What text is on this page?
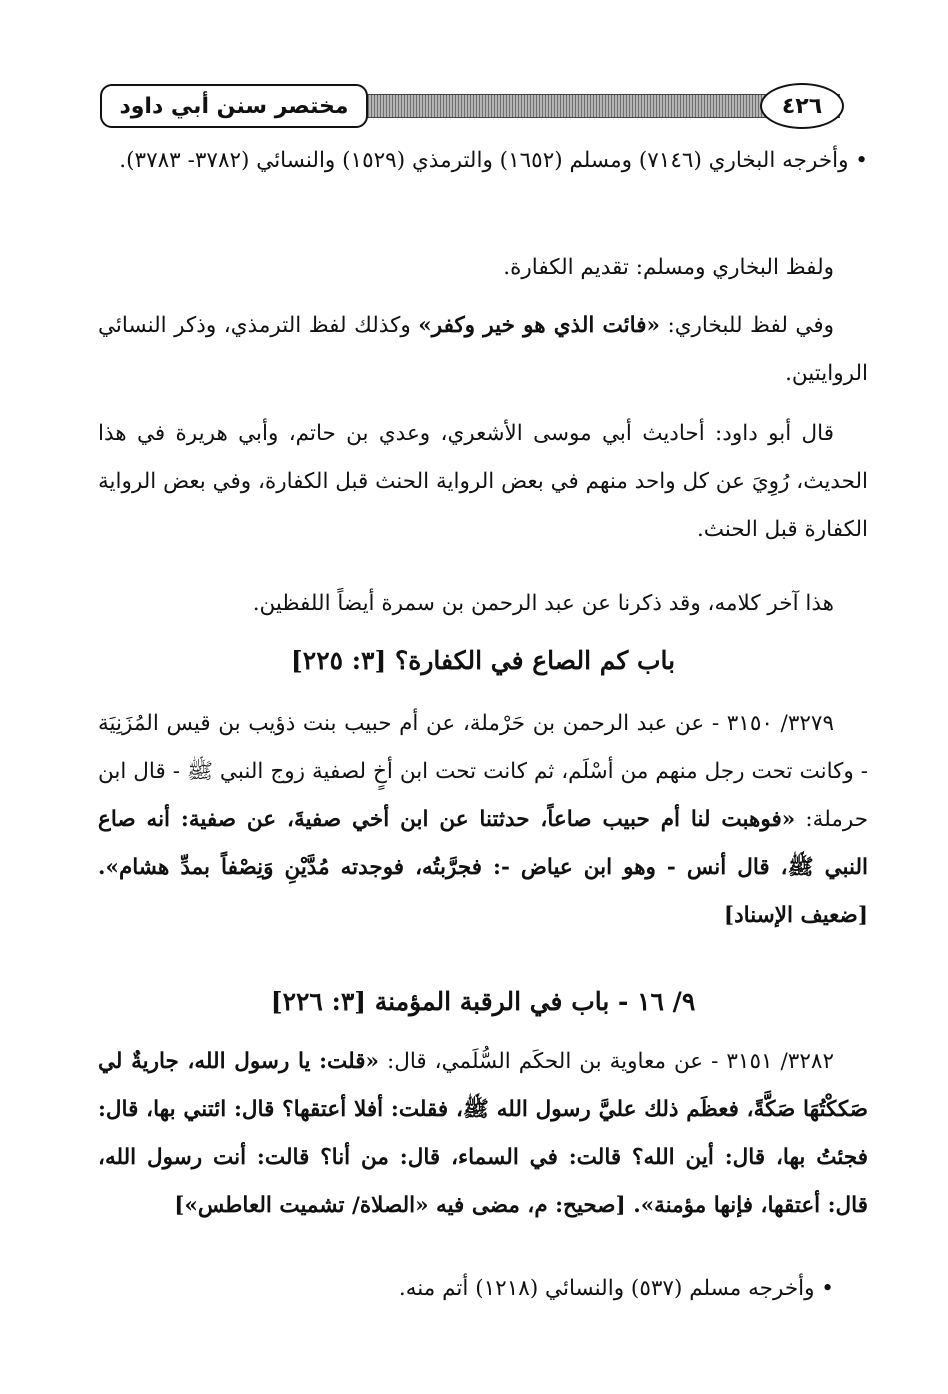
مختصر سنن أبي داود	٤٢٦
• وأخرجه البخاري (٧١٤٦) ومسلم (١٦٥٢) والترمذي (١٥٢٩) والنسائي (٣٧٨٢- ٣٧٨٣).
ولفظ البخاري ومسلم: تقديم الكفارة.
وفي لفظ للبخاري: «فائت الذي هو خير وكفر» وكذلك لفظ الترمذي، وذكر النسائي الروايتين.
قال أبو داود: أحاديث أبي موسى الأشعري، وعدي بن حاتم، وأبي هريرة في هذا الحديث، رُوِيَ عن كل واحد منهم في بعض الرواية الحنث قبل الكفارة، وفي بعض الرواية الكفارة قبل الحنث.
هذا آخر كلامه، وقد ذكرنا عن عبد الرحمن بن سمرة أيضاً اللفظين.
باب كم الصاع في الكفارة؟ [٣: ٢٢٥]
٣٢٧٩/ ٣١٥٠ - عن عبد الرحمن بن حَرْملة، عن أم حبيب بنت ذؤيب بن قيس المُزَنِيَة - وكانت تحت رجل منهم من أسْلَم، ثم كانت تحت ابن أخٍ لصفية زوج النبي ﷺ - قال ابن حرملة: «فوهبت لنا أم حبيب صاعاً، حدثتنا عن ابن أخي صفيةَ، عن صفية: أنه صاع النبي ﷺ، قال أنس - وهو ابن عياض -: فجرَّبتُه، فوجدته مُدَّيْنِ وَنِصْفاً بمدِّ هشام». [ضعيف الإسناد]
٩/ ١٦ - باب في الرقبة المؤمنة [٣: ٢٢٦]
٣٢٨٢/ ٣١٥١ - عن معاوية بن الحكَم السُّلَمي، قال: «قلت: يا رسول الله، جاريةٌ لي صَككْتُهَا صَكَّةً، فعظَم ذلك عليَّ رسول الله ﷺ، فقلت: أفلا أعتقها؟ قال: ائتني بها، قال: فجئتُ بها، قال: أين الله؟ قالت: في السماء، قال: من أنا؟ قالت: أنت رسول الله، قال: أعتقها، فإنها مؤمنة». [صحيح: م، مضى فيه «الصلاة/ تشميت العاطس»]
• وأخرجه مسلم (٥٣٧) والنسائي (١٢١٨) أتم منه.
